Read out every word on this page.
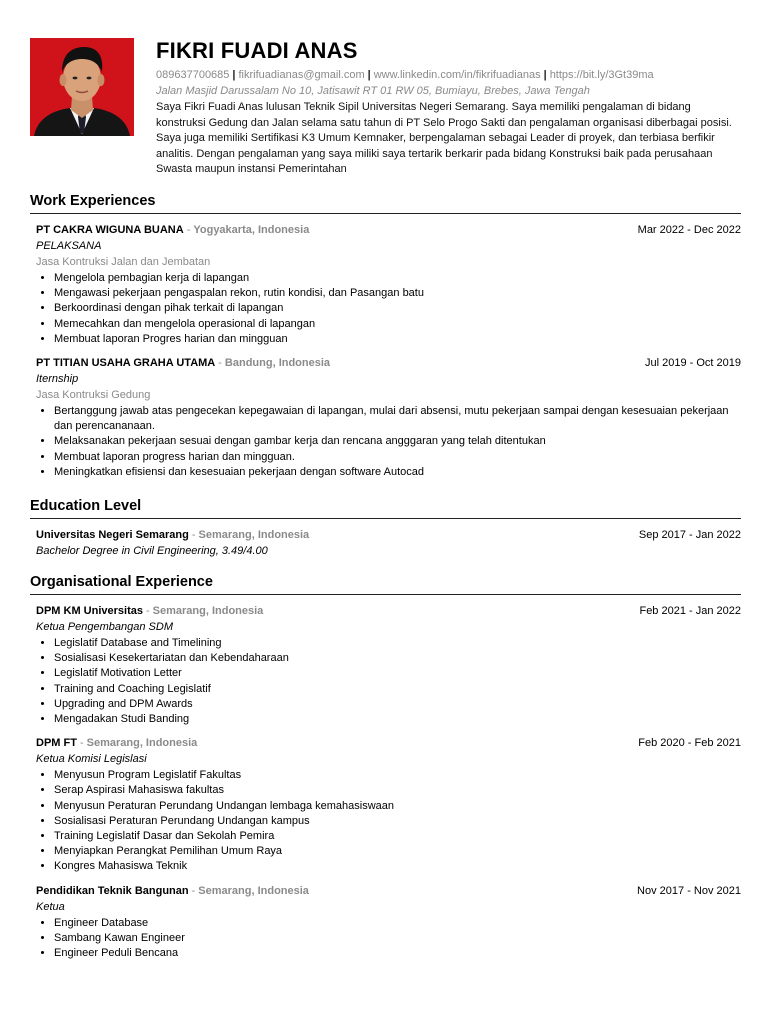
FIKRI FUADI ANAS
089637700685 | fikrifuadianas@gmail.com | www.linkedin.com/in/fikrifuadianas | https://bit.ly/3Gt39ma
Jalan Masjid Darussalam No 10, Jatisawit RT 01 RW 05, Bumiayu, Brebes, Jawa Tengah
Saya Fikri Fuadi Anas lulusan Teknik Sipil Universitas Negeri Semarang. Saya memiliki pengalaman di bidang konstruksi Gedung dan Jalan selama satu tahun di PT Selo Progo Sakti dan pengalaman organisasi diberbagai posisi. Saya juga memiliki Sertifikasi K3 Umum Kemnaker, berpengalaman sebagai Leader di proyek, dan terbiasa berfikir analitis. Dengan pengalaman yang saya miliki saya tertarik berkarir pada bidang Konstruksi baik pada perusahaan Swasta maupun instansi Pemerintahan
Work Experiences
PT CAKRA WIGUNA BUANA - Yogyakarta, Indonesia	Mar 2022 - Dec 2022
PELAKSANA
Jasa Kontruksi Jalan dan Jembatan
• Mengelola pembagian kerja di lapangan
• Mengawasi pekerjaan pengaspalan rekon, rutin kondisi, dan Pasangan batu
• Berkoordinasi dengan pihak terkait di lapangan
• Memecahkan dan mengelola operasional di lapangan
• Membuat laporan Progres harian dan mingguan
PT TITIAN USAHA GRAHA UTAMA - Bandung, Indonesia	Jul 2019 - Oct 2019
Iternship
Jasa Kontruksi Gedung
• Bertanggung jawab atas pengecekan kepegawaian di lapangan, mulai dari absensi, mutu pekerjaan sampai dengan kesesuaian pekerjaan dan perencananaan.
• Melaksanakan pekerjaan sesuai dengan gambar kerja dan rencana angggaran yang telah ditentukan
• Membuat laporan progress harian dan mingguan.
• Meningkatkan efisiensi dan kesesuaian pekerjaan dengan software Autocad
Education Level
Universitas Negeri Semarang - Semarang, Indonesia	Sep 2017 - Jan 2022
Bachelor Degree in Civil Engineering, 3.49/4.00
Organisational Experience
DPM KM Universitas - Semarang, Indonesia	Feb 2021 - Jan 2022
Ketua Pengembangan SDM
• Legislatif Database and Timelining
• Sosialisasi Kesekertariatan dan Kebendaharaan
• Legislatif Motivation Letter
• Training and Coaching Legislatif
• Upgrading and DPM Awards
• Mengadakan Studi Banding
DPM FT - Semarang, Indonesia	Feb 2020 - Feb 2021
Ketua Komisi Legislasi
• Menyusun Program Legislatif Fakultas
• Serap Aspirasi Mahasiswa fakultas
• Menyusun Peraturan Perundang Undangan lembaga kemahasiswaan
• Sosialisasi Peraturan Perundang Undangan kampus
• Training Legislatif Dasar dan Sekolah Pemira
• Menyiapkan Perangkat Pemilihan Umum Raya
• Kongres Mahasiswa Teknik
Pendidikan Teknik Bangunan - Semarang, Indonesia	Nov 2017 - Nov 2021
Ketua
• Engineer Database
• Sambang Kawan Engineer
• Engineer Peduli Bencana
